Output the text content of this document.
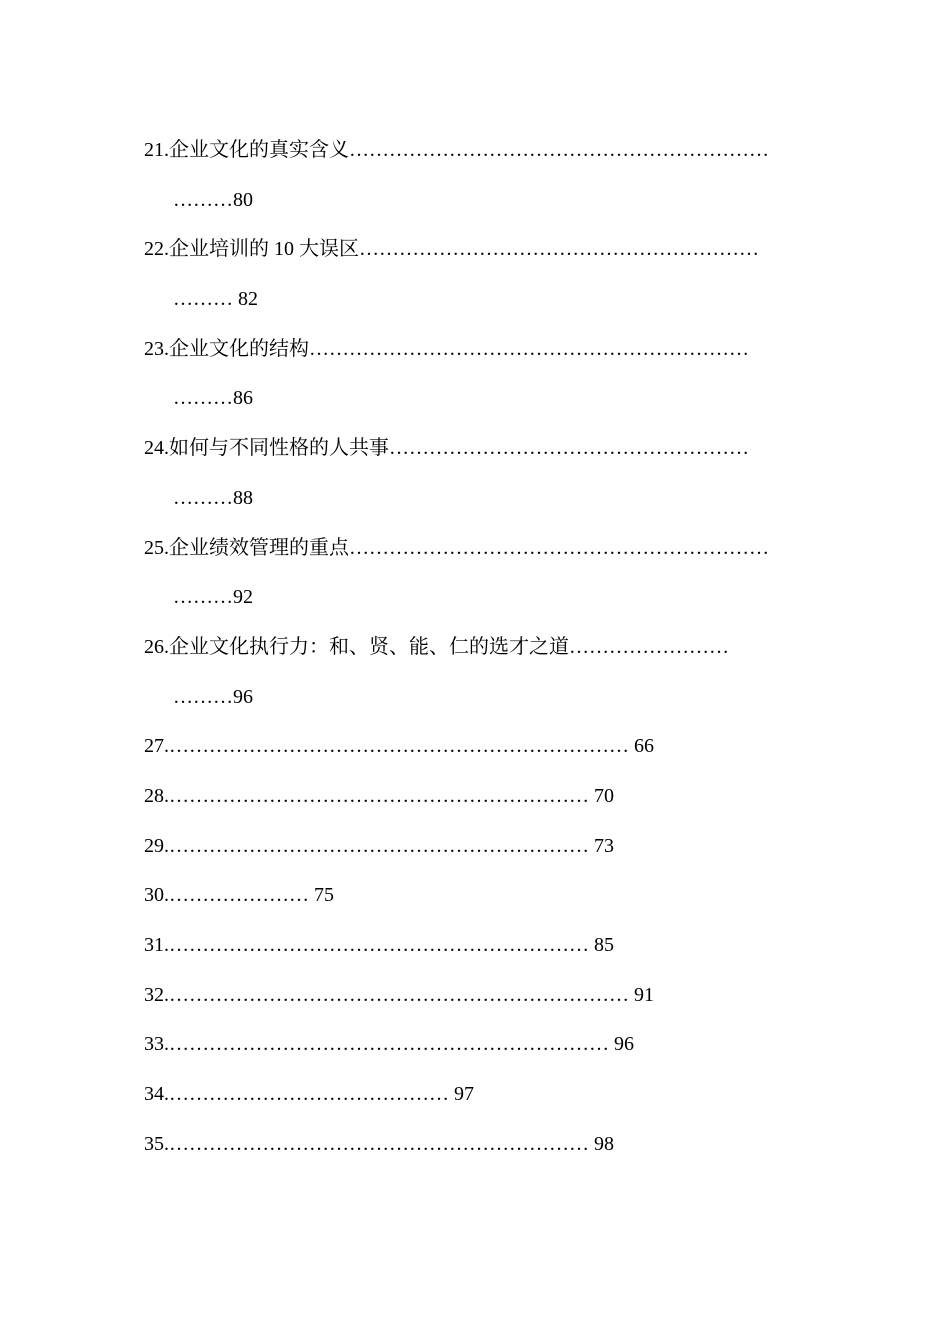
21.企业文化的真实含义………………………………………………………
………80
22.企业培训的 10 大误区……………………………………………………
……… 82
23.企业文化的结构…………………………………………………………
………86
24.如何与不同性格的人共事………………………………………………
………88
25.企业绩效管理的重点………………………………………………………
………92
26.企业文化执行力：和、贤、能、仁的选才之道……………………
………96
27.…………………………………………………………… 66
28.……………………………………………………… 70
29.……………………………………………………… 73
30.………………… 75
31.……………………………………………………… 85
32.…………………………………………………………… 91
33.………………………………………………………… 96
34.…………………………………… 97
35.……………………………………………………… 98
